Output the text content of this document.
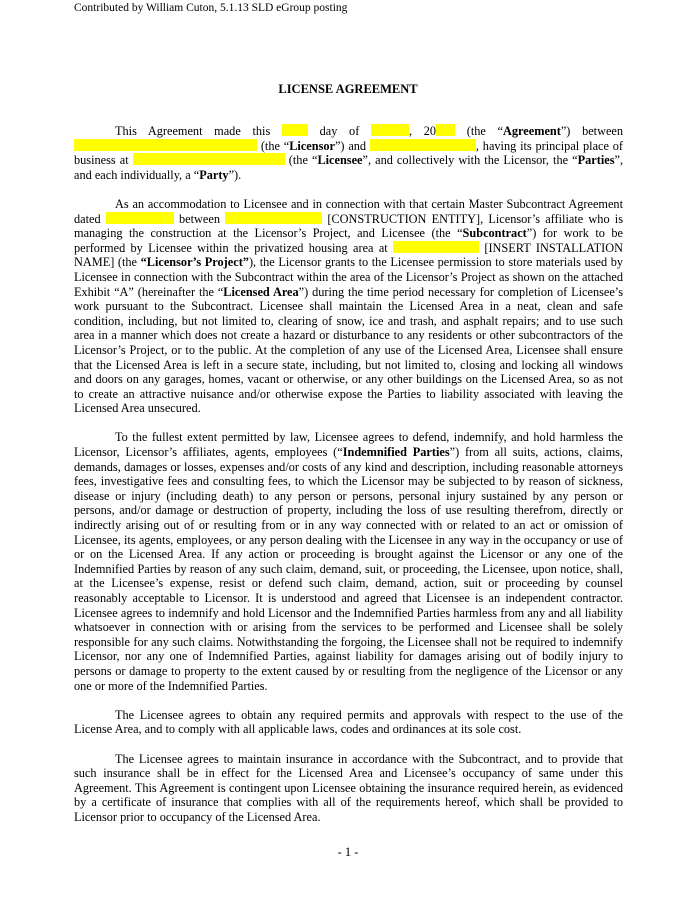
Contributed by William Cuton, 5.1.13 SLD eGroup posting
LICENSE AGREEMENT

This Agreement made this	day of	, 20 (the “Agreement”) between  (the “Licensor”) and	, having its principal place of business at	(the “Licensee”, and collectively with the Licensor, the “Parties”, and each individually, a “Party”).

As an accommodation to Licensee and in connection with that certain Master Subcontract Agreement dated	between	[CONSTRUCTION ENTITY], Licensor’s affiliate who is managing the construction at the Licensor’s Project, and Licensee (the “Subcontract”) for work to be performed by Licensee within the privatized housing area at	[INSERT INSTALLATION NAME] (the “Licensor’s Project”), the Licensor grants to the Licensee permission to store materials used by Licensee in connection with the Subcontract within the area of the Licensor’s Project as shown on the attached Exhibit “A” (hereinafter the “Licensed Area”) during the time period necessary for completion of Licensee’s work pursuant to the Subcontract. Licensee shall maintain the Licensed Area in a neat, clean and safe condition, including, but not limited to, clearing of snow, ice and trash, and asphalt repairs; and to use such area in a manner which does not create a hazard or disturbance to any residents or other subcontractors of the Licensor’s Project, or to the public. At the completion of any use of the Licensed Area, Licensee shall ensure that the Licensed Area is left in a secure state, including, but not limited to, closing and locking all windows and doors on any garages, homes, vacant or otherwise, or any other buildings on the Licensed Area, so as not to create an attractive nuisance and/or otherwise expose the Parties to liability associated with leaving the Licensed Area unsecured.

To the fullest extent permitted by law, Licensee agrees to defend, indemnify, and hold harmless the Licensor, Licensor’s affiliates, agents, employees (“Indemnified Parties”) from all suits, actions, claims, demands, damages or losses, expenses and/or costs of any kind and description, including reasonable attorneys fees, investigative fees and consulting fees, to which the Licensor may be subjected to by reason of sickness, disease or injury (including death) to any person or persons, personal injury sustained by any person or persons, and/or damage or destruction of property, including the loss of use resulting therefrom, directly or indirectly arising out of or resulting from or in any way connected with or related to an act or omission of Licensee, its agents, employees, or any person dealing with the Licensee in any way in the occupancy or use of or on the Licensed Area. If any action or proceeding is brought against the Licensor or any one of the Indemnified Parties by reason of any such claim, demand, suit, or proceeding, the Licensee, upon notice, shall, at the Licensee’s expense, resist or defend such claim, demand, action, suit or proceeding by counsel reasonably acceptable to Licensor. It is understood and agreed that Licensee is an independent contractor. Licensee agrees to indemnify and hold Licensor and the Indemnified Parties harmless from any and all liability whatsoever in connection with or arising from the services to be performed and Licensee shall be solely responsible for any such claims. Notwithstanding the forgoing, the Licensee shall not be required to indemnify Licensor, nor any one of Indemnified Parties, against liability for damages arising out of bodily injury to persons or damage to property to the extent caused by or resulting from the negligence of the Licensor or any one or more of the Indemnified Parties.

The Licensee agrees to obtain any required permits and approvals with respect to the use of the License Area, and to comply with all applicable laws, codes and ordinances at its sole cost.

The Licensee agrees to maintain insurance in accordance with the Subcontract, and to provide that such insurance shall be in effect for the Licensed Area and Licensee’s occupancy of same under this Agreement. This Agreement is contingent upon Licensee obtaining the insurance required herein, as evidenced by a certificate of insurance that complies with all of the requirements hereof, which shall be provided to Licensor prior to occupancy of the Licensed Area.

- 1 -
